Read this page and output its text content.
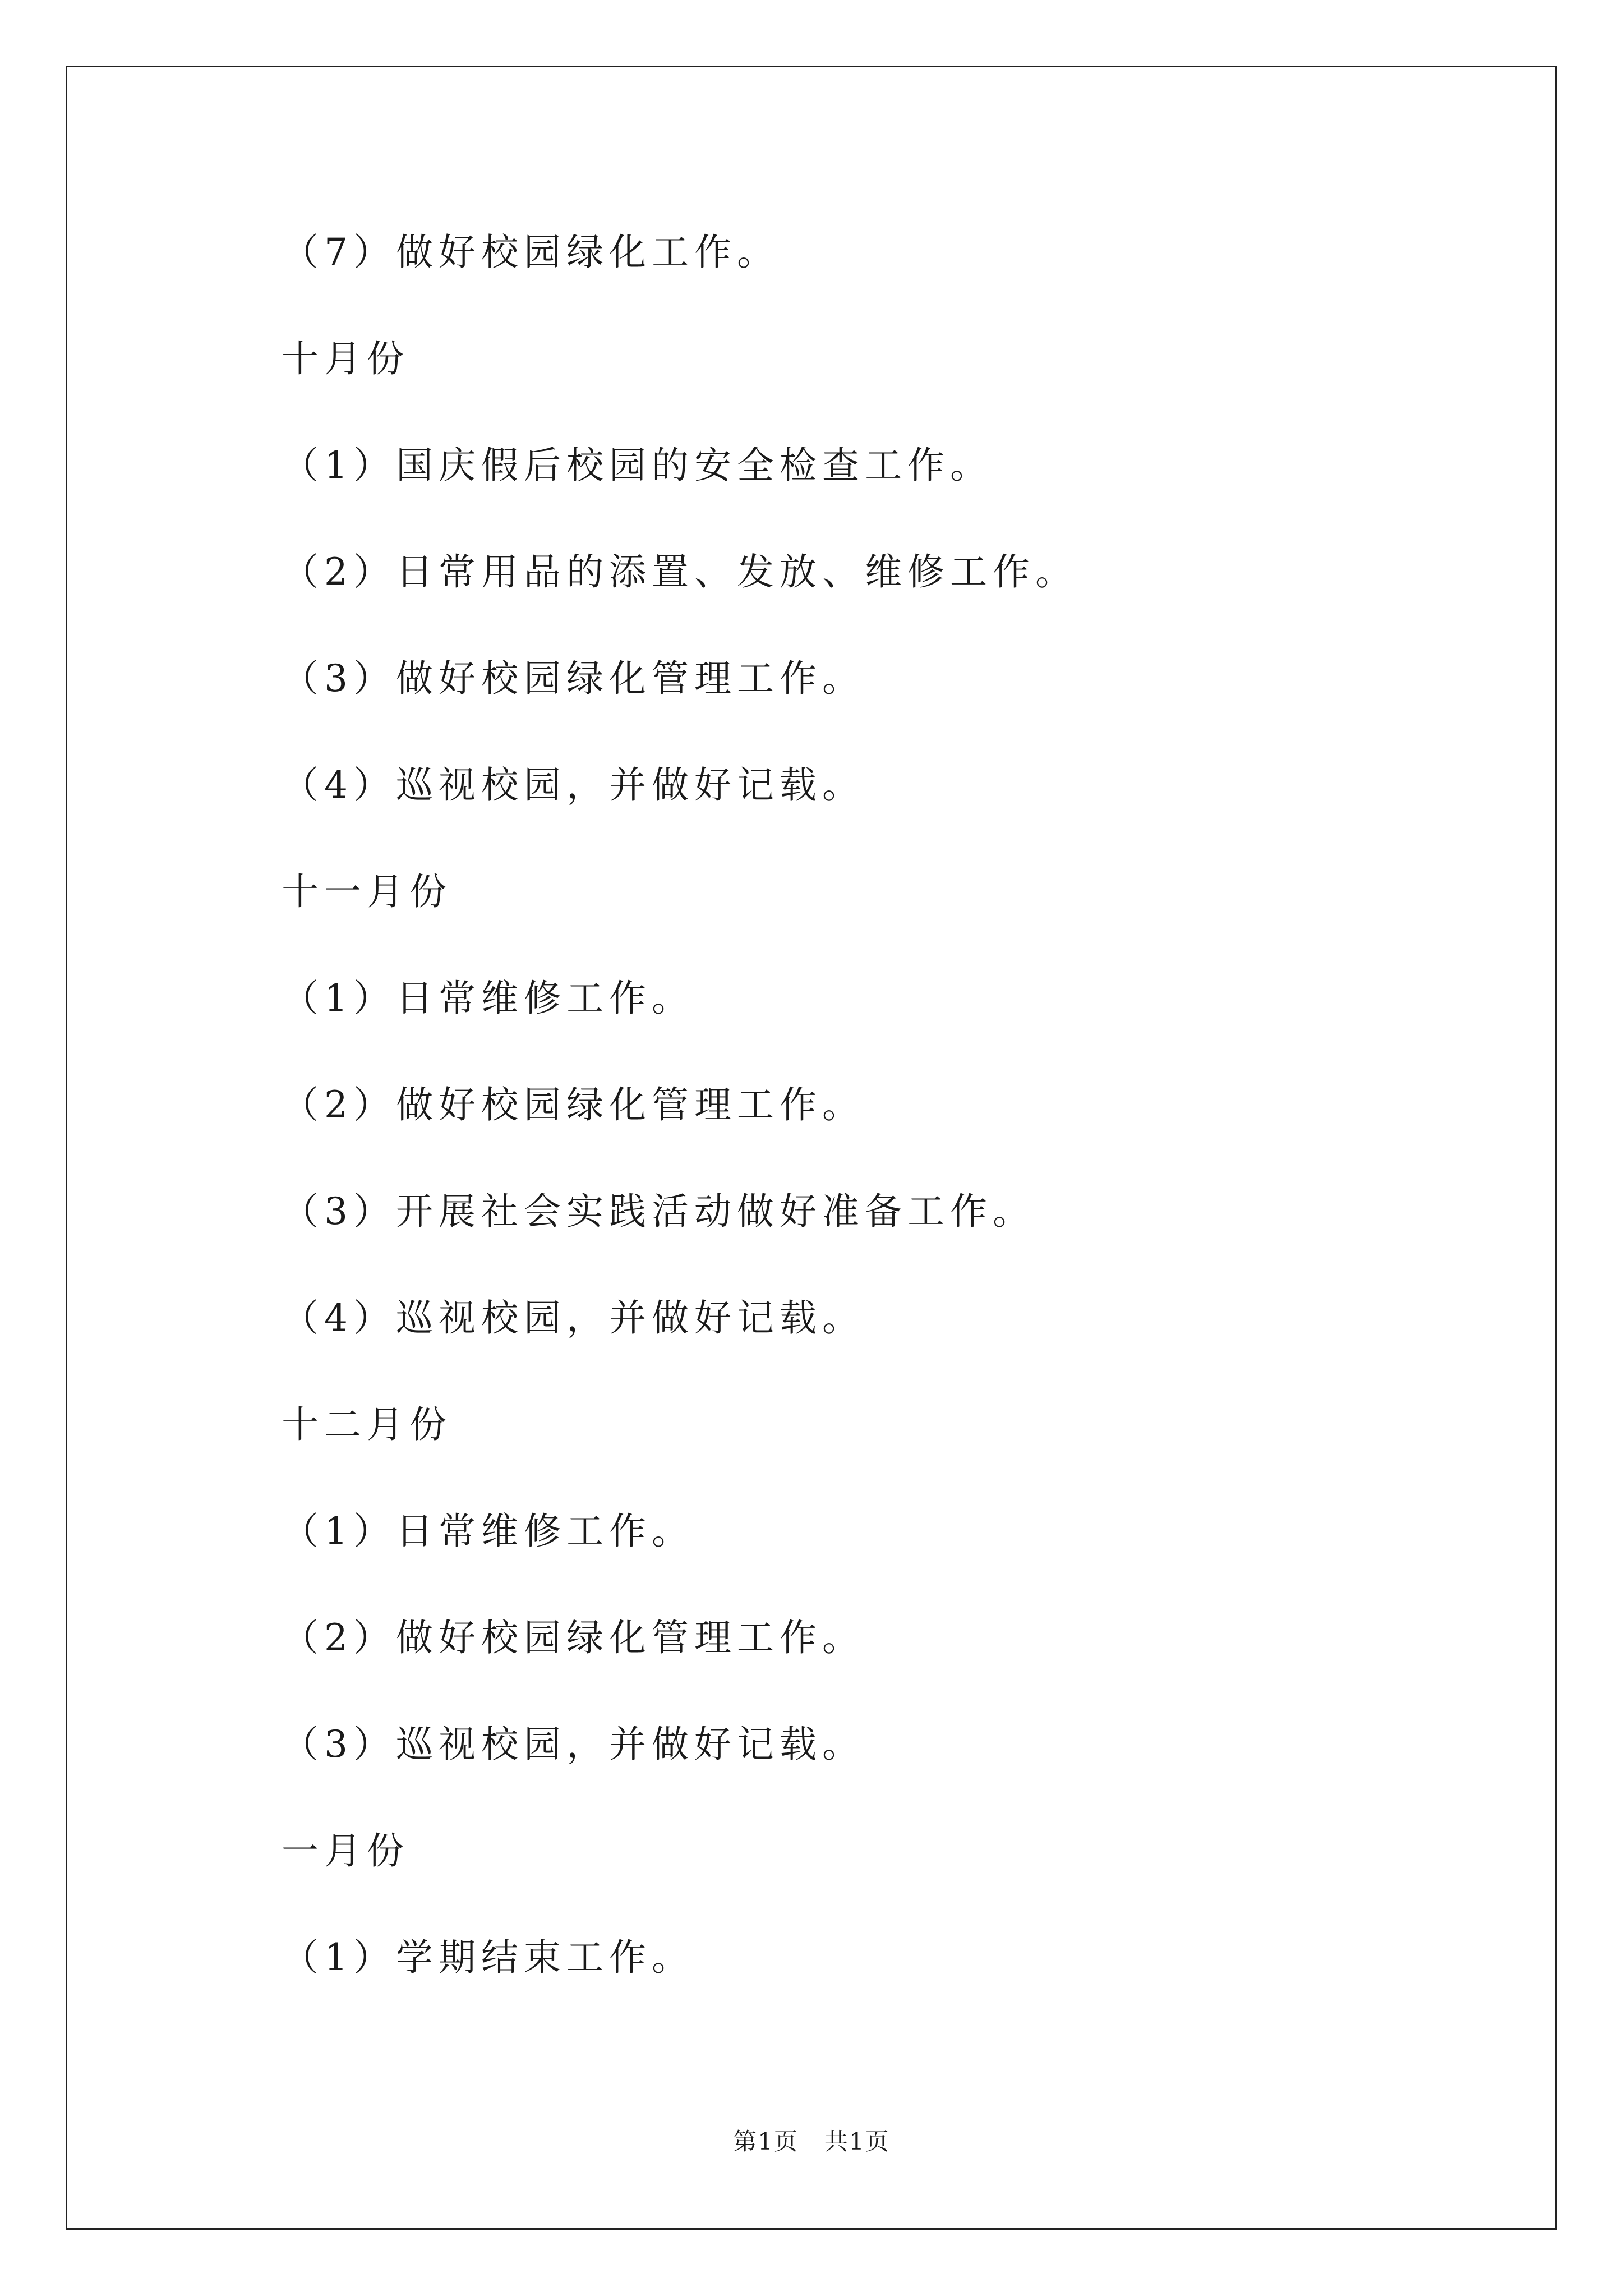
（7）做好校园绿化工作。

十月份

（1）国庆假后校园的安全检查工作。

（2）日常用品的添置、发放、维修工作。

（3）做好校园绿化管理工作。

（4）巡视校园，并做好记载。

十一月份

（1）日常维修工作。

（2）做好校园绿化管理工作。

（3）开展社会实践活动做好准备工作。

（4）巡视校园，并做好记载。

十二月份

（1）日常维修工作。

（2）做好校园绿化管理工作。

（3）巡视校园，并做好记载。

一月份

（1）学期结束工作。

第1页   共1页
